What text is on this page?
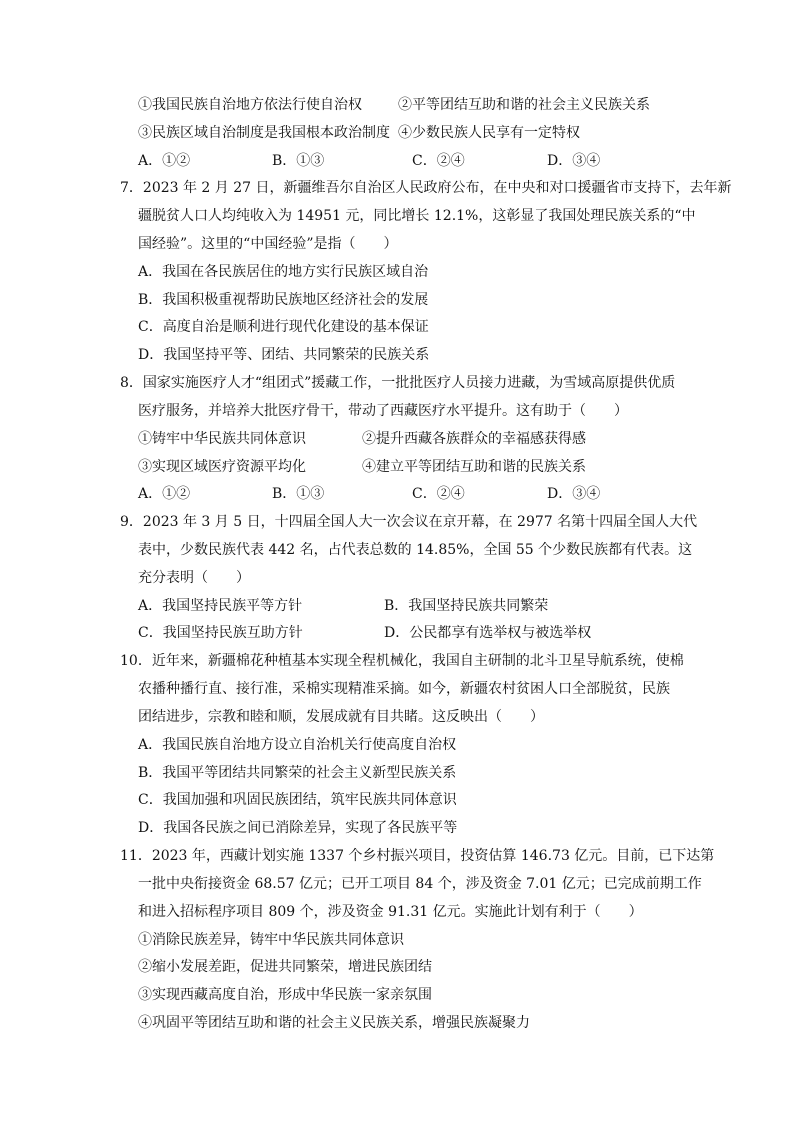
①我国民族自治地方依法行使自治权	②平等团结互助和谐的社会主义民族关系
③民族区域自治制度是我国根本政治制度 ④少数民族人民享有一定特权
A．①②	B．①③	C．②④	D．③④
7．2023 年 2 月 27 日，新疆维吾尔自治区人民政府公布，在中央和对口援疆省市支持下，去年新
疆脱贫人口人均纯收入为 14951 元，同比增长 12.1%，这彰显了我国处理民族关系的“中
国经验”。这里的“中国经验”是指（　　）
A．我国在各民族居住的地方实行民族区域自治
B．我国积极重视帮助民族地区经济社会的发展
C．高度自治是顺利进行现代化建设的基本保证
D．我国坚持平等、团结、共同繁荣的民族关系
8．国家实施医疗人才“组团式”援藏工作，一批批医疗人员接力进藏，为雪域高原提供优质
医疗服务，并培养大批医疗骨干，带动了西藏医疗水平提升。这有助于（　　）
①铸牢中华民族共同体意识	②提升西藏各族群众的幸福感获得感
③实现区域医疗资源平均化	④建立平等团结互助和谐的民族关系
A．①②	B．①③	C．②④	D．③④
9．2023 年 3 月 5 日，十四届全国人大一次会议在京开幕，在 2977 名第十四届全国人大代
表中，少数民族代表 442 名，占代表总数的 14.85%，全国 55 个少数民族都有代表。这
充分表明（　　）
A．我国坚持民族平等方针	B．我国坚持民族共同繁荣
C．我国坚持民族互助方针	D．公民都享有选举权与被选举权
10．近年来，新疆棉花种植基本实现全程机械化，我国自主研制的北斗卫星导航系统，使棉
农播种播行直、接行准，采棉实现精准采摘。如今，新疆农村贫困人口全部脱贫，民族
团结进步，宗教和睦和顺，发展成就有目共睹。这反映出（　　）
A．我国民族自治地方设立自治机关行使高度自治权
B．我国平等团结共同繁荣的社会主义新型民族关系
C．我国加强和巩固民族团结，筑牢民族共同体意识
D．我国各民族之间已消除差异，实现了各民族平等
11．2023 年，西藏计划实施 1337 个乡村振兴项目，投资估算 146.73 亿元。目前，已下达第
一批中央衔接资金 68.57 亿元；已开工项目 84 个，涉及资金 7.01 亿元；已完成前期工作
和进入招标程序项目 809 个，涉及资金 91.31 亿元。实施此计划有利于（　　）
①消除民族差异，铸牢中华民族共同体意识
②缩小发展差距，促进共同繁荣，增进民族团结
③实现西藏高度自治，形成中华民族一家亲氛围
④巩固平等团结互助和谐的社会主义民族关系，增强民族凝聚力
